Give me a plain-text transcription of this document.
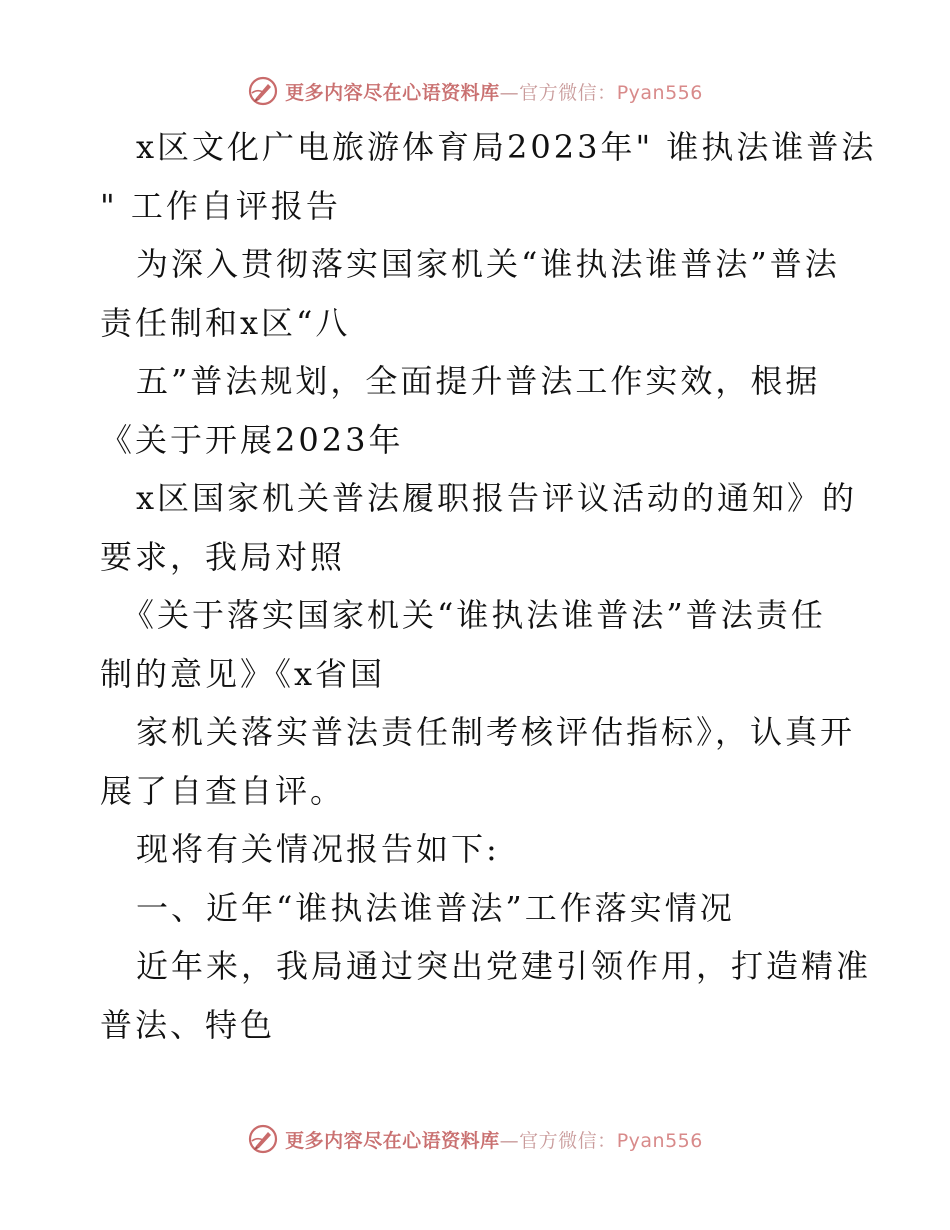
更多内容尽在心语资料库—官方微信：Pyan556
x区文化广电旅游体育局2023年" 谁执法谁普法
" 工作自评报告
为深入贯彻落实国家机关“谁执法谁普法”普法
责任制和x区“八
五”普法规划，全面提升普法工作实效，根据
《关于开展2023年
x区国家机关普法履职报告评议活动的通知》的
要求，我局对照
《关于落实国家机关“谁执法谁普法”普法责任
制的意见》《x省国
家机关落实普法责任制考核评估指标》，认真开
展了自查自评。
现将有关情况报告如下:
一、近年“谁执法谁普法”工作落实情况
近年来，我局通过突出党建引领作用，打造精准
普法、特色
更多内容尽在心语资料库—官方微信：Pyan556
